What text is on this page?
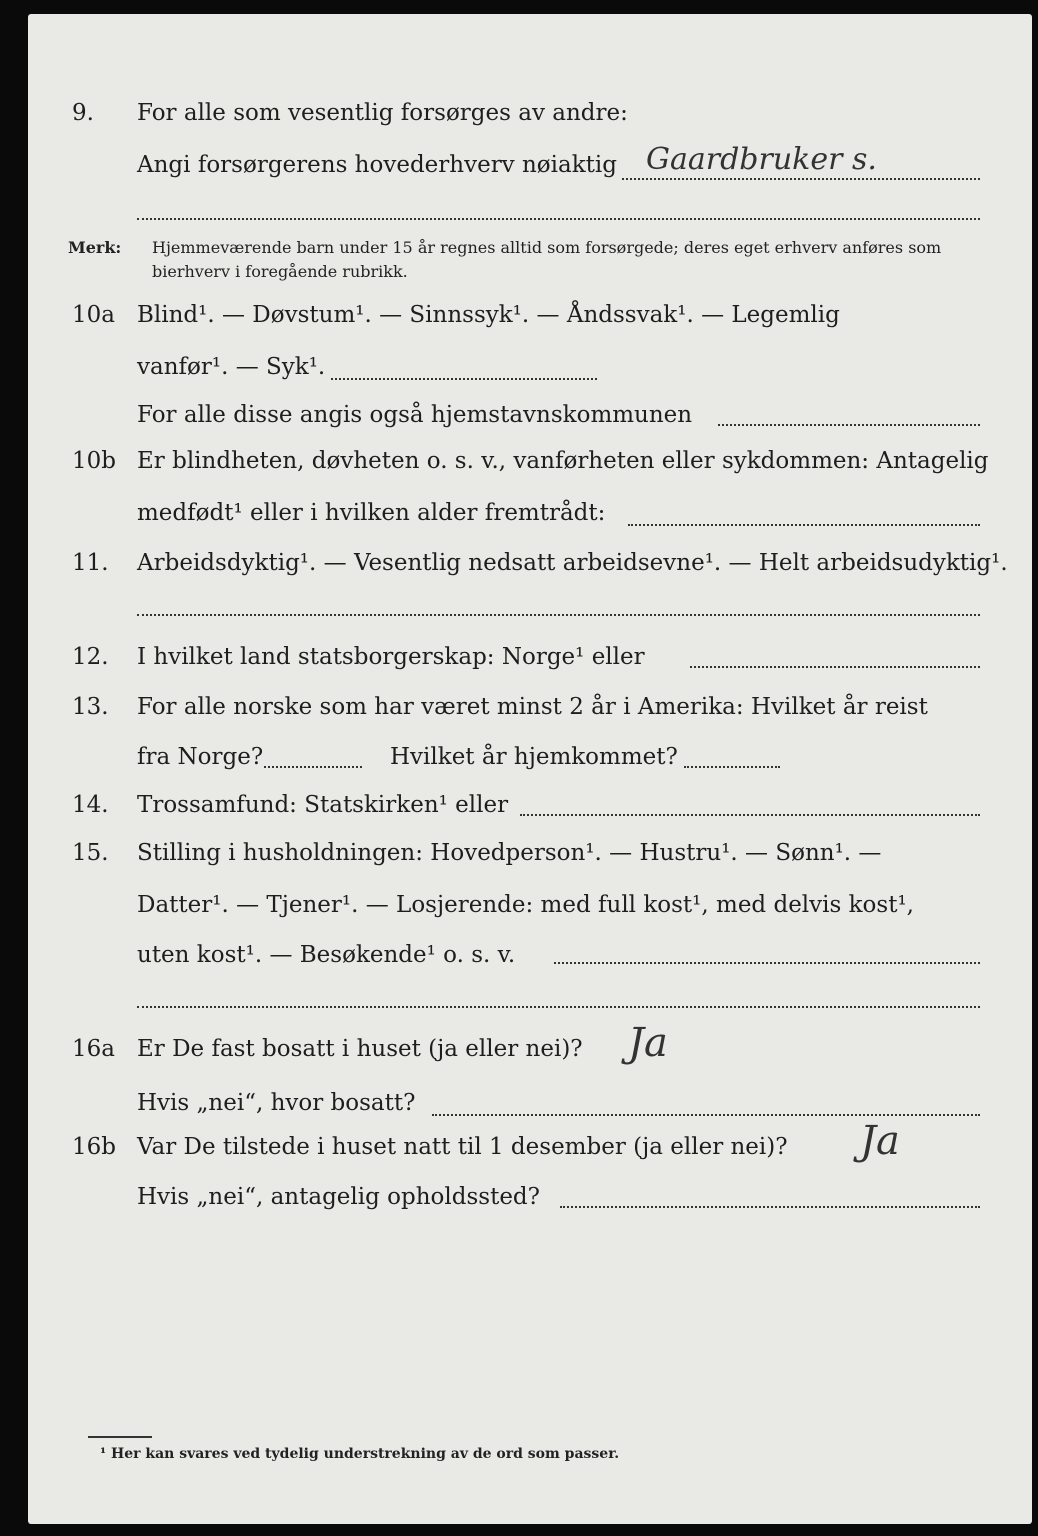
9. For alle som vesentlig forsørges av andre:
Angi forsørgerens hovederhverv nøiaktig Gaardbruker s.
Merk: Hjemmeværende barn under 15 år regnes alltid som forsørgede; deres eget erhverv anføres som bierhverv i foregående rubrikk.
10a Blind¹. — Døvstum¹. — Sinnssyk¹. — Åndssvak¹. — Legemlig
vanfør¹. — Syk¹.
For alle disse angis også hjemstavnskommunen
10b Er blindheten, døvheten o. s. v., vanførheten eller sykdommen: Antagelig
medfødt¹ eller i hvilken alder fremtrådt:
11. Arbeidsdyktig¹. — Vesentlig nedsatt arbeidsevne¹. — Helt arbeidsudyktig¹.
12. I hvilket land statsborgerskap: Norge¹ eller
13. For alle norske som har været minst 2 år i Amerika: Hvilket år reist
fra Norge?	Hvilket år hjemkommet?
14. Trossamfund: Statskirken¹ eller
15. Stilling i husholdningen: Hovedperson¹. — Hustru¹. — Sønn¹. —
Datter¹. — Tjener¹. — Losjerende: med full kost¹, med delvis kost¹,
uten kost¹. — Besøkende¹ o. s. v.
16a Er De fast bosatt i huset (ja eller nei)? Ja
Hvis „nei“, hvor bosatt?
16b Var De tilstede i huset natt til 1 desember (ja eller nei)? Ja
Hvis „nei“, antagelig opholdssted?
¹ Her kan svares ved tydelig understrekning av de ord som passer.
